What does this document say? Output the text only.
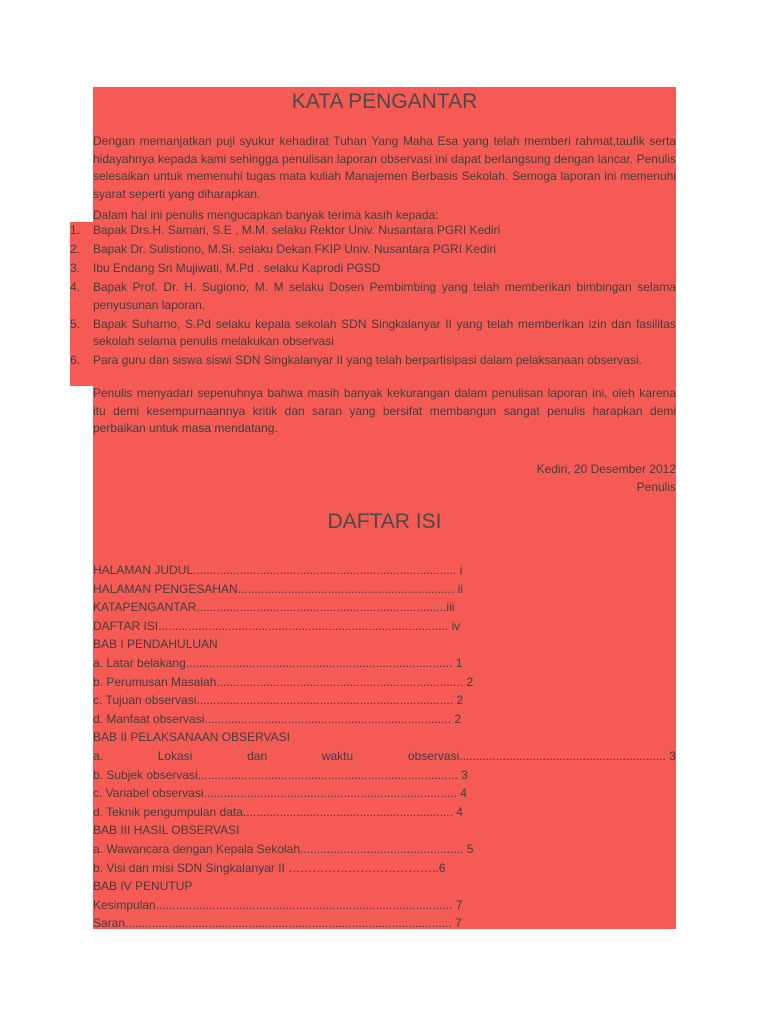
KATA PENGANTAR

Dengan memanjatkan puji syukur kehadirat Tuhan Yang Maha Esa yang telah memberi rahmat,taufik serta hidayahnya kepada kami sehingga penulisan laporan observasi ini dapat berlangsung dengan lancar. Penulis selesaikan untuk memenuhi tugas mata kuliah Manajemen Berbasis Sekolah. Semoga laporan ini memenuhi syarat seperti yang diharapkan.

Dalam hal ini penulis mengucapkan banyak terima kasih kepada:

1.	Bapak Drs.H. Samari, S.E , M.M. selaku Rektor Univ. Nusantara PGRI Kediri
2.	Bapak Dr. Sulistiono, M.Si. selaku Dekan FKIP Univ. Nusantara PGRI Kediri
3.	Ibu Endang Sri Mujiwati, M.Pd . selaku Kaprodi PGSD
4.	Bapak Prof. Dr. H. Sugiono, M. M selaku Dosen Pembimbing yang telah memberikan bimbingan selama penyusunan laporan.
5.	Bapak Suharno, S.Pd selaku kepala sekolah SDN Singkalanyar II yang telah memberikan izin dan fasilitas sekolah selama penulis melakukan observasi
6.	Para guru dan siswa siswi SDN Singkalanyar II yang telah berpartisipasi dalam pelaksanaan observasi.

Penulis menyadari sepenuhnya bahwa masih banyak kekurangan dalam penulisan laporan ini, oleh karena itu demi kesempurnaannya kritik dan saran yang bersifat membangun sangat penulis harapkan demi perbaikan untuk masa mendatang.

Kediri, 20 Desember 2012
Penulis
DAFTAR ISI
HALAMAN JUDUL............................................................................... i
HALAMAN PENGESAHAN................................................................. ii
KATAPENGANTAR...........................................................................iii
DAFTAR ISI....................................................................................... iv
BAB I PENDAHULUAN
a. Latar belakang................................................................................ 1
b. Perumusan Masalah.......................................................................... 2
c. Tujuan observasi............................................................................. 2
d. Manfaat observasi.......................................................................... 2
BAB II PELAKSANAAN OBSERVASI
a.	Lokasi	dan	waktu	observasi.............................................................. 3
b. Subjek observasi.............................................................................. 3
c. Variabel observasi............................................................................ 4
d. Teknik pengumpulan data............................................................... 4
BAB III HASIL OBSERVASI
a. Wawancara dengan Kepala Sekolah................................................. 5
b. Visi dan misi SDN Singkalanyar II ………………………………..6
BAB IV PENUTUP
Kesimpulan......................................................................................... 7
Saran.................................................................................................. 7
